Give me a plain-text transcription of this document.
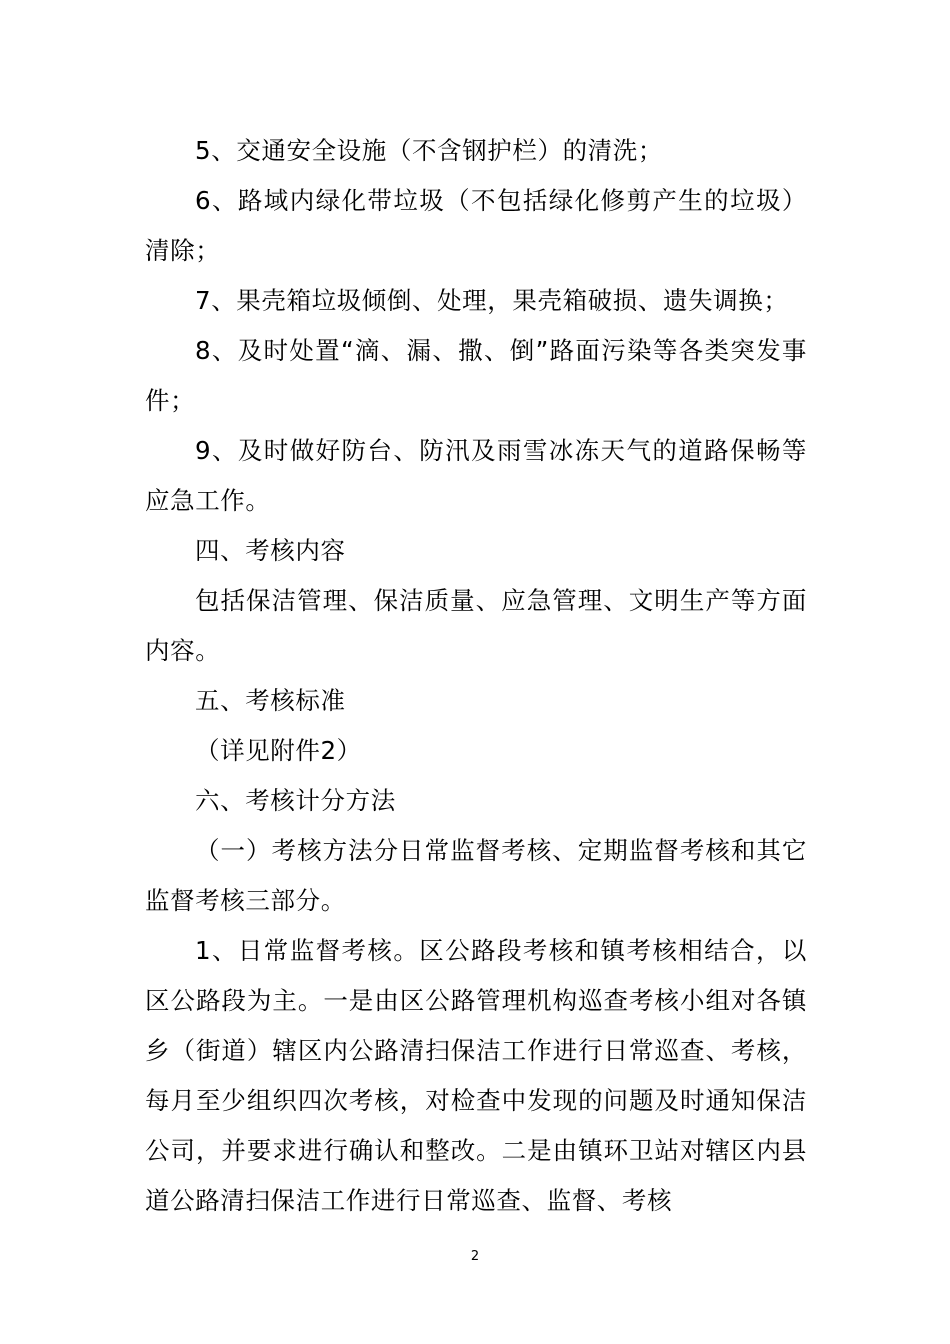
5、交通安全设施（不含钢护栏）的清洗；

6、路域内绿化带垃圾（不包括绿化修剪产生的垃圾）清除；

7、果壳箱垃圾倾倒、处理，果壳箱破损、遗失调换；

8、及时处置“滴、漏、撒、倒”路面污染等各类突发事件；

9、及时做好防台、防汛及雨雪冰冻天气的道路保畅等应急工作。

四、考核内容

包括保洁管理、保洁质量、应急管理、文明生产等方面内容。

五、考核标准

（详见附件2）

六、考核计分方法

（一）考核方法分日常监督考核、定期监督考核和其它监督考核三部分。

1、日常监督考核。区公路段考核和镇考核相结合，以区公路段为主。一是由区公路管理机构巡查考核小组对各镇乡（街道）辖区内公路清扫保洁工作进行日常巡查、考核，每月至少组织四次考核，对检查中发现的问题及时通知保洁公司，并要求进行确认和整改。二是由镇环卫站对辖区内县道公路清扫保洁工作进行日常巡查、监督、考核

2
